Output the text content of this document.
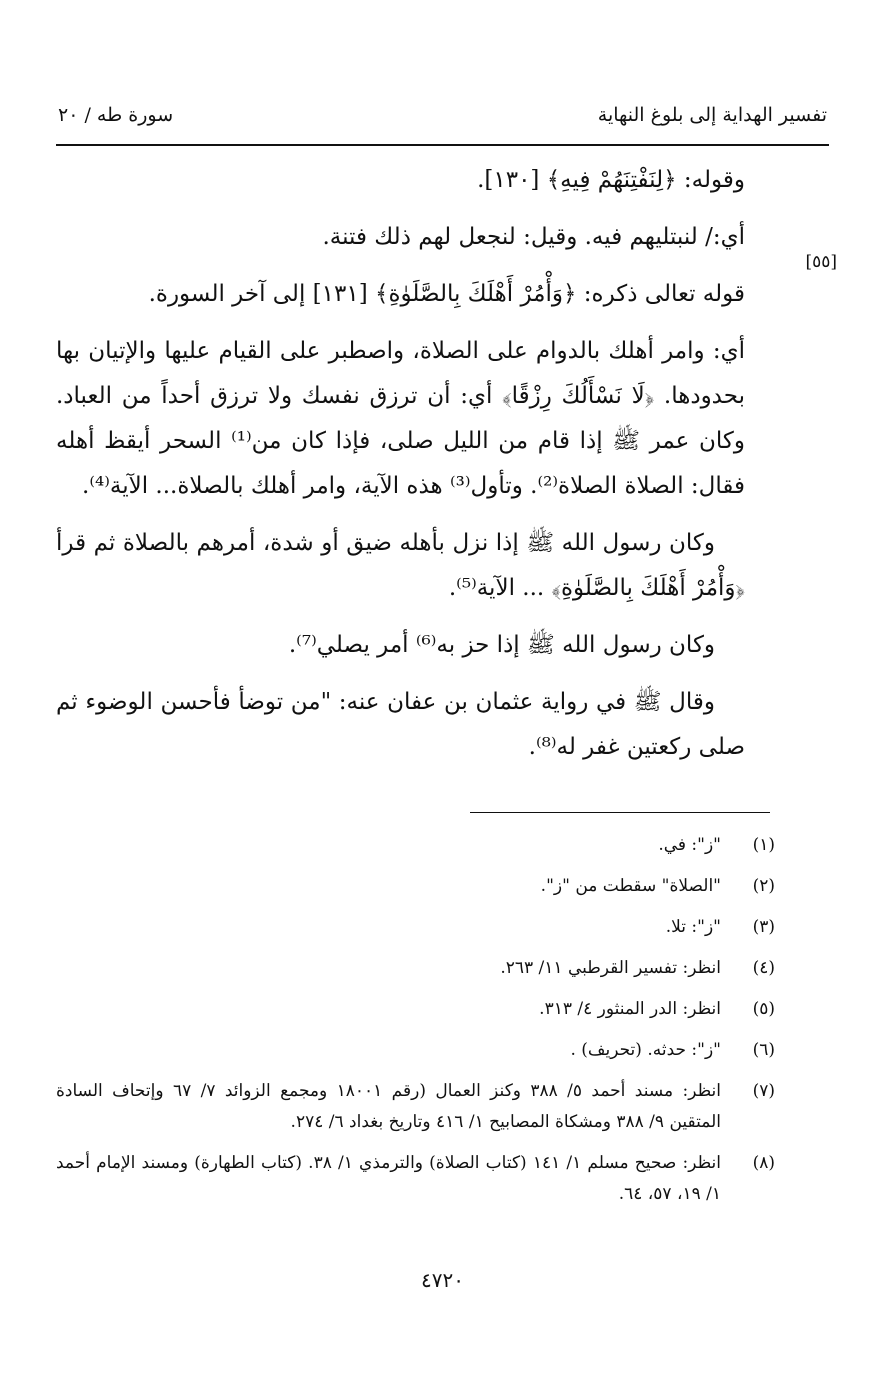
تفسير الهداية إلى بلوغ النهاية
سورة طه / ٢٠
[٥٥]

وقوله: ﴿لِنَفْتِنَهُمْ فِيهِ﴾ [١٣٠].

أي:/ لنبتليهم فيه. وقيل: لنجعل لهم ذلك فتنة.

قوله تعالى ذكره: ﴿وَأْمُرْ أَهْلَكَ بِالصَّلَوٰةِ﴾ [١٣١] إلى آخر السورة.

أي: وامر أهلك بالدوام على الصلاة، واصطبر على القيام عليها والإتيان بها بحدودها. ﴿لَا نَسْأَلُكَ رِزْقًا﴾ أي: أن ترزق نفسك ولا ترزق أحداً من العباد. وكان عمر ﷺ إذا قام من الليل صلى، فإذا كان من⁽¹⁾ السحر أيقظ أهله فقال: الصلاة الصلاة⁽²⁾. وتأول⁽³⁾ هذه الآية، وامر أهلك بالصلاة... الآية⁽⁴⁾.

وكان رسول الله ﷺ إذا نزل بأهله ضيق أو شدة، أمرهم بالصلاة ثم قرأ ﴿وَأْمُرْ أَهْلَكَ بِالصَّلَوٰةِ﴾ ... الآية⁽⁵⁾.

وكان رسول الله ﷺ إذا حز به⁽⁶⁾ أمر يصلي⁽⁷⁾.

وقال ﷺ في رواية عثمان بن عفان عنه: "من توضأ فأحسن الوضوء ثم صلى ركعتين غفر له⁽⁸⁾.

(١)
"ز": في.
(٢)
"الصلاة" سقطت من "ز".
(٣)
"ز": تلا.
(٤)
انظر: تفسير القرطبي ١١/ ٢٦٣.
(٥)
انظر: الدر المنثور ٤/ ٣١٣.
(٦)
"ز": حدثه. (تحريف) .
(٧)
انظر: مسند أحمد ٥/ ٣٨٨ وكنز العمال (رقم ١٨٠٠١ ومجمع الزوائد ٧/ ٦٧ وإتحاف السادة المتقين ٩/ ٣٨٨ ومشكاة المصابيح ١/ ٤١٦ وتاريخ بغداد ٦/ ٢٧٤.
(٨)
انظر: صحيح مسلم ١/ ١٤١ (كتاب الصلاة) والترمذي ١/ ٣٨. (كتاب الطهارة) ومسند الإمام أحمد ١/ ١٩، ٥٧، ٦٤.
٤٧٢٠
